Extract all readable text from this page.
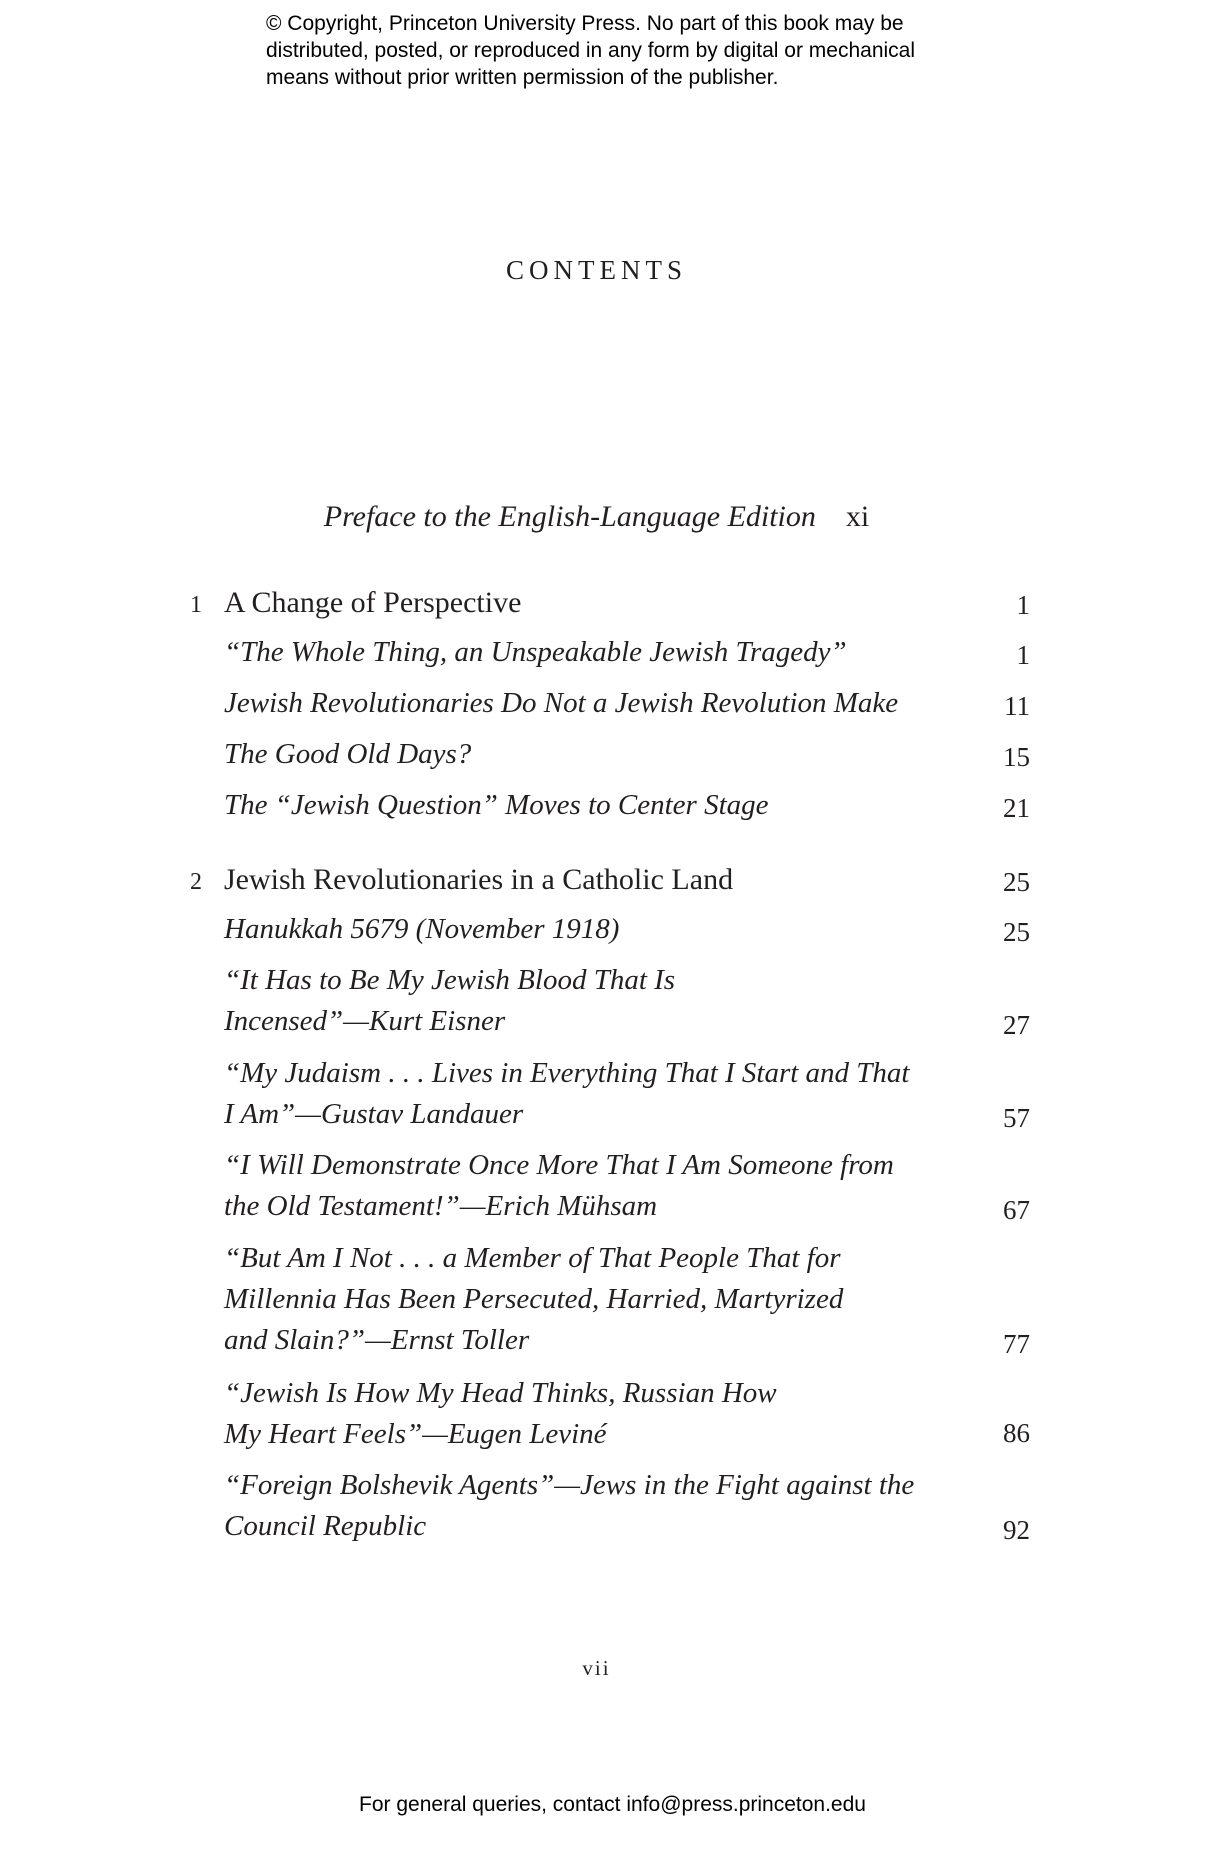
© Copyright, Princeton University Press. No part of this book may be
distributed, posted, or reproduced in any form by digital or mechanical
means without prior written permission of the publisher.
CONTENTS
Preface to the English-Language Edition xi
1 A Change of Perspective	1
“The Whole Thing, an Unspeakable Jewish Tragedy”	1
Jewish Revolutionaries Do Not a Jewish Revolution Make	11
The Good Old Days?	15
The “Jewish Question” Moves to Center Stage	21
2 Jewish Revolutionaries in a Catholic Land	25
Hanukkah 5679 (November 1918)	25
“It Has to Be My Jewish Blood That Is
Incensed”—Kurt Eisner	27
“My Judaism . . . Lives in Everything That I Start and That
I Am”—Gustav Landauer	57
“I Will Demonstrate Once More That I Am Someone from
the Old Testament!”—Erich Mühsam	67
“But Am I Not . . . a Member of That People That for
Millennia Has Been Persecuted, Harried, Martyrized
and Slain?”—Ernst Toller	77
“Jewish Is How My Head Thinks, Russian How
My Heart Feels”—Eugen Leviné	86
“Foreign Bolshevik Agents”—Jews in the Fight against the
Council Republic	92
vii
For general queries, contact info@press.princeton.edu
